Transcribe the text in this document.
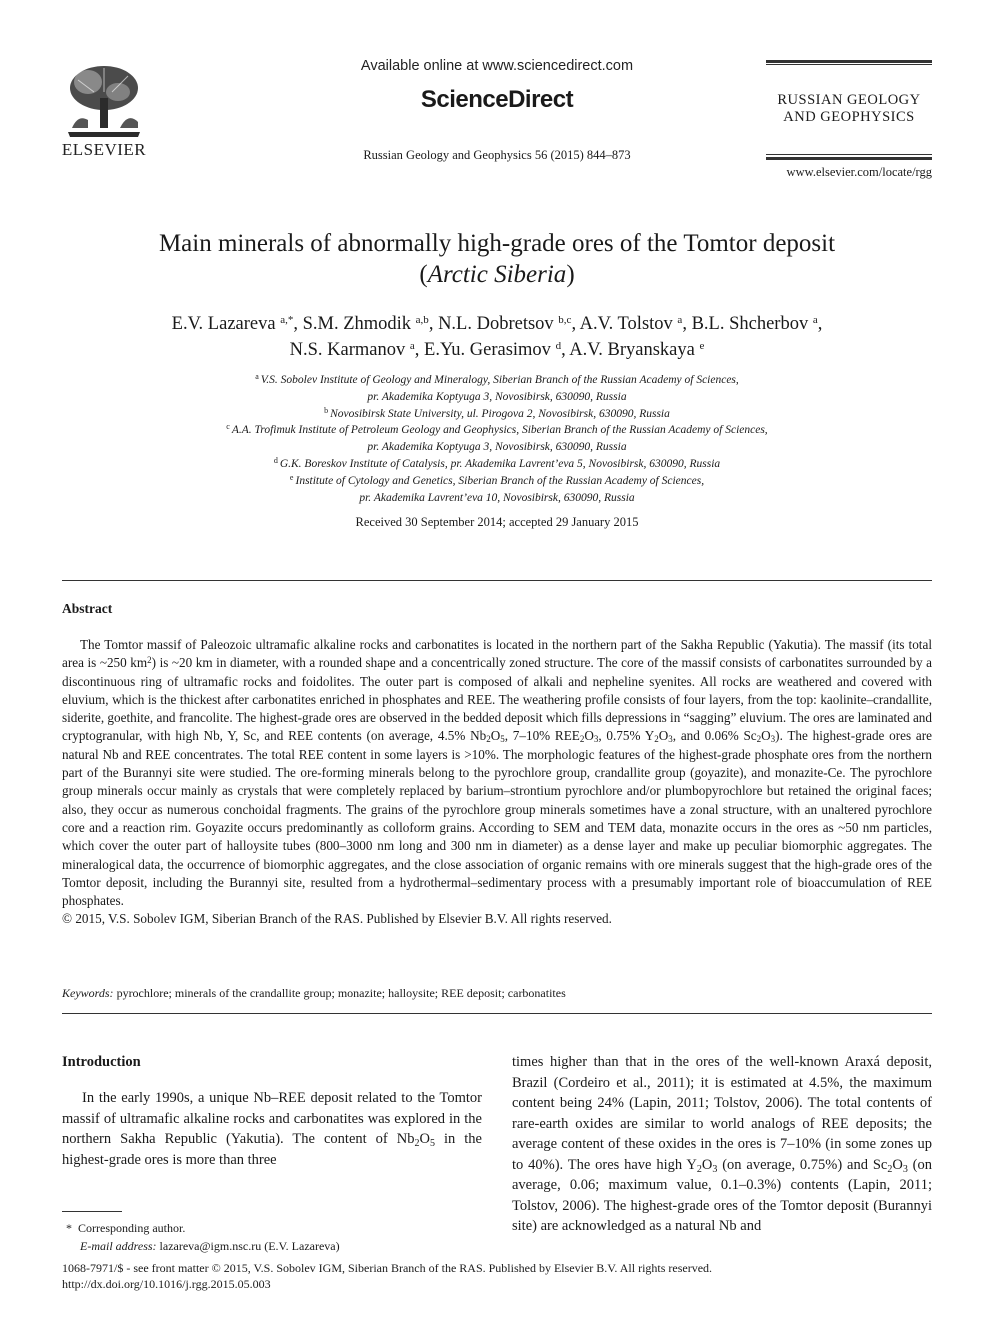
ELSEVIER
Available online at www.sciencedirect.com
ScienceDirect
Russian Geology and Geophysics 56 (2015) 844–873
RUSSIAN GEOLOGY
AND GEOPHYSICS
www.elsevier.com/locate/rgg
Main minerals of abnormally high-grade ores of the Tomtor deposit
(Arctic Siberia)
E.V. Lazareva $^{a,*}$, S.M. Zhmodik $^{a,b}$, N.L. Dobretsov $^{b,c}$, A.V. Tolstov $^a$, B.L. Shcherbov $^a$,
N.S. Karmanov $^a$, E.Yu. Gerasimov $^d$, A.V. Bryanskaya $^e$
$^a$ V.S. Sobolev Institute of Geology and Mineralogy, Siberian Branch of the Russian Academy of Sciences,
pr. Akademika Koptyuga 3, Novosibirsk, 630090, Russia
$^b$ Novosibirsk State University, ul. Pirogova 2, Novosibirsk, 630090, Russia
$^c$ A.A. Trofimuk Institute of Petroleum Geology and Geophysics, Siberian Branch of the Russian Academy of Sciences,
pr. Akademika Koptyuga 3, Novosibirsk, 630090, Russia
$^d$ G.K. Boreskov Institute of Catalysis, pr. Akademika Lavrent’eva 5, Novosibirsk, 630090, Russia
$^e$ Institute of Cytology and Genetics, Siberian Branch of the Russian Academy of Sciences,
pr. Akademika Lavrent’eva 10, Novosibirsk, 630090, Russia
Received 30 September 2014; accepted 29 January 2015
Abstract

The Tomtor massif of Paleozoic ultramafic alkaline rocks and carbonatites is located in the northern part of the Sakha Republic (Yakutia). The massif (its total area is ~250 $km^2$) is ~20 km in diameter, with a rounded shape and a concentrically zoned structure. The core of the massif consists of carbonatites surrounded by a discontinuous ring of ultramafic rocks and foidolites. The outer part is composed of alkali and nepheline syenites. All rocks are weathered and covered with eluvium, which is the thickest after carbonatites enriched in phosphates and REE. The weathering profile consists of four layers, from the top: kaolinite–crandallite, siderite, goethite, and francolite. The highest-grade ores are observed in the bedded deposit which fills depressions in “sagging” eluvium. The ores are laminated and cryptogranular, with high Nb, Y, Sc, and REE contents (on average, 4.5% $Nb_2O_5$, 7–10% $REE_2O_3$, 0.75% $Y_2O_3$, and 0.06% $Sc_2O_3$). The highest-grade ores are natural Nb and REE concentrates. The total REE content in some layers is >10%. The morphologic features of the highest-grade phosphate ores from the northern part of the Burannyi site were studied. The ore-forming minerals belong to the pyrochlore group, crandallite group (goyazite), and monazite-Ce. The pyrochlore group minerals occur mainly as crystals that were completely replaced by barium–strontium pyrochlore and/or plumbopyrochlore but retained the original faces; also, they occur as numerous conchoidal fragments. The grains of the pyrochlore group minerals sometimes have a zonal structure, with an unaltered pyrochlore core and a reaction rim. Goyazite occurs predominantly as colloform grains. According to SEM and TEM data, monazite occurs in the ores as ~50 nm particles, which cover the outer part of halloysite tubes (800–3000 nm long and 300 nm in diameter) as a dense layer and make up peculiar biomorphic aggregates. The mineralogical data, the occurrence of biomorphic aggregates, and the close association of organic remains with ore minerals suggest that the high-grade ores of the Tomtor deposit, including the Burannyi site, resulted from a hydrothermal–sedimentary process with a presumably important role of bioaccumulation of REE phosphates.

© 2015, V.S. Sobolev IGM, Siberian Branch of the RAS. Published by Elsevier B.V. All rights reserved.

Keywords: pyrochlore; minerals of the crandallite group; monazite; halloysite; REE deposit; carbonatites
Introduction

In the early 1990s, a unique Nb–REE deposit related to the Tomtor massif of ultramafic alkaline rocks and carbonatites was explored in the northern Sakha Republic (Yakutia). The content of $Nb_2O_5$ in the highest-grade ores is more than three

times higher than that in the ores of the well-known Araxá deposit, Brazil (Cordeiro et al., 2011); it is estimated at 4.5%, the maximum content being 24% (Lapin, 2011; Tolstov, 2006). The total contents of rare-earth oxides are similar to world analogs of REE deposits; the average content of these oxides in the ores is 7–10% (in some zones up to 40%). The ores have high $Y_2O_3$ (on average, 0.75%) and $Sc_2O_3$ (on average, 0.06; maximum value, 0.1–0.3%) contents (Lapin, 2011; Tolstov, 2006). The highest-grade ores of the Tomtor deposit (Burannyi site) are acknowledged as a natural Nb and

* Corresponding author.
E-mail address: lazareva@igm.nsc.ru (E.V. Lazareva)
1068-7971/$ - see front matter © 2015, V.S. Sobolev IGM, Siberian Branch of the RAS. Published by Elsevier B.V. All rights reserved.
http://dx.doi.org/10.1016/j.rgg.2015.05.003
